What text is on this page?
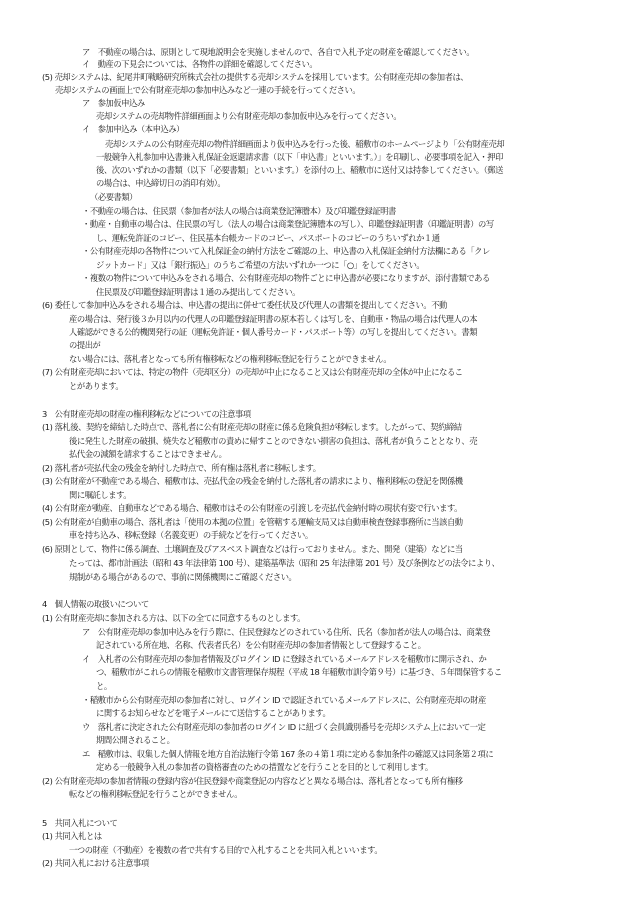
ア　不動産の場合は、原則として現地説明会を実施しませんので、各自で入札予定の財産を確認してください。
イ　動産の下見会については、各物件の詳細を確認してください。
(5) 売却システムは、紀尾井町戦略研究所株式会社の提供する売却システムを採用しています。公有財産売却の参加者は、
売却システムの画面上で公有財産売却の参加申込みなど一連の手続を行ってください。
ア　参加仮申込み
売却システムの売却物件詳細画面より公有財産売却の参加仮申込みを行ってください。
イ　参加申込み（本申込み）
売却システムの公有財産売却の物件詳細画面より仮申込みを行った後、稲敷市のホームページより「公有財産売却
一般競争入札参加申込書兼入札保証金返還請求書（以下「申込書」といいます。）」を印刷し、必要事項を記入・押印
後、次のいずれかの書類（以下「必要書類」といいます。）を添付の上、稲敷市に送付又は持参してください。（郵送
の場合は、申込締切日の消印有効）。
（必要書類）
・不動産の場合は、住民票（参加者が法人の場合は商業登記簿謄本）及び印鑑登録証明書
・動産・自動車の場合は、住民票の写し（法人の場合は商業登記簿謄本の写し）、印鑑登録証明書（印鑑証明書）の写
し、運転免許証のコピー、住民基本台帳カードのコピー、パスポートのコピーのうちいずれか１通
・公有財産売却の各物件について入札保証金の納付方法をご確認の上、申込書の入札保証金納付方法欄にある「クレ
ジットカード」又は「銀行振込」のうちご希望の方法いずれか一つに「○」をしてください。
・複数の物件について申込みをされる場合、公有財産売却の物件ごとに申込書が必要になりますが、添付書類である
住民票及び印鑑登録証明書は１通のみ提出してください。
(6) 委任して参加申込みをされる場合は、申込書の提出に併せて委任状及び代理人の書類を提出してください。不動
産の場合は、発行後３か月以内の代理人の印鑑登録証明書の原本若しくは写しを、自動車・物品の場合は代理人の本
人確認ができる公的機関発行の証（運転免許証・個人番号カード・パスポート等）の写しを提出してください。書類
の提出が
ない場合には、落札者となっても所有権移転などの権利移転登記を行うことができません。
(7) 公有財産売却においては、特定の物件（売却区分）の売却が中止になること又は公有財産売却の全体が中止になるこ
とがあります。
3　公有財産売却の財産の権利移転などについての注意事項
(1) 落札後、契約を締結した時点で、落札者に公有財産売却の財産に係る危険負担が移転します。したがって、契約締結
後に発生した財産の破損、焼失など稲敷市の責めに帰すことのできない損害の負担は、落札者が負うこととなり、売
払代金の減額を請求することはできません。
(2) 落札者が売払代金の残金を納付した時点で、所有権は落札者に移転します。
(3) 公有財産が不動産である場合、稲敷市は、売払代金の残金を納付した落札者の請求により、権利移転の登記を関係機
関に嘱託します。
(4) 公有財産が動産、自動車などである場合、稲敷市はその公有財産の引渡しを売払代金納付時の現状有姿で行います。
(5) 公有財産が自動車の場合、落札者は「使用の本拠の位置」を管轄する運輸支局又は自動車検査登録事務所に当該自動
車を持ち込み、移転登録（名義変更）の手続などを行ってください。
(6) 原則として、物件に係る調査、土壌調査及びアスベスト調査などは行っておりません。また、開発（建築）などに当
たっては、都市計画法（昭和 43 年法律第 100 号）、建築基準法（昭和 25 年法律第 201 号）及び条例などの法令により、
規制がある場合があるので、事前に関係機関にご確認ください。
4　個人情報の取扱いについて
(1) 公有財産売却に参加される方は、以下の全てに同意するものとします。
ア　公有財産売却の参加申込みを行う際に、住民登録などのされている住所、氏名（参加者が法人の場合は、商業登
記されている所在地、名称、代表者氏名）を公有財産売却の参加者情報として登録すること。
イ　入札者の公有財産売却の参加者情報及びログイン ID に登録されているメールアドレスを稲敷市に開示され、か
つ、稲敷市がこれらの情報を稲敷市文書管理保存規程（平成 18 年稲敷市訓令第９号）に基づき、５年間保管するこ
と。
・稲敷市から公有財産売却の参加者に対し、ログイン ID で認証されているメールアドレスに、公有財産売却の財産
に関するお知らせなどを電子メールにて送信することがあります。
ウ　落札者に決定された公有財産売却の参加者のログイン ID に紐づく会員識別番号を売却システム上において一定
期間公開されること。
エ　稲敷市は、収集した個人情報を地方自治法施行令第 167 条の４第１項に定める参加条件の確認又は同条第２項に
定める一般競争入札の参加者の資格審査のための措置などを行うことを目的として利用します。
(2) 公有財産売却の参加者情報の登録内容が住民登録や商業登記の内容などと異なる場合は、落札者となっても所有権移
転などの権利移転登記を行うことができません。
5　共同入札について
(1) 共同入札とは
一つの財産（不動産）を複数の者で共有する目的で入札することを共同入札といいます。
(2) 共同入札における注意事項
